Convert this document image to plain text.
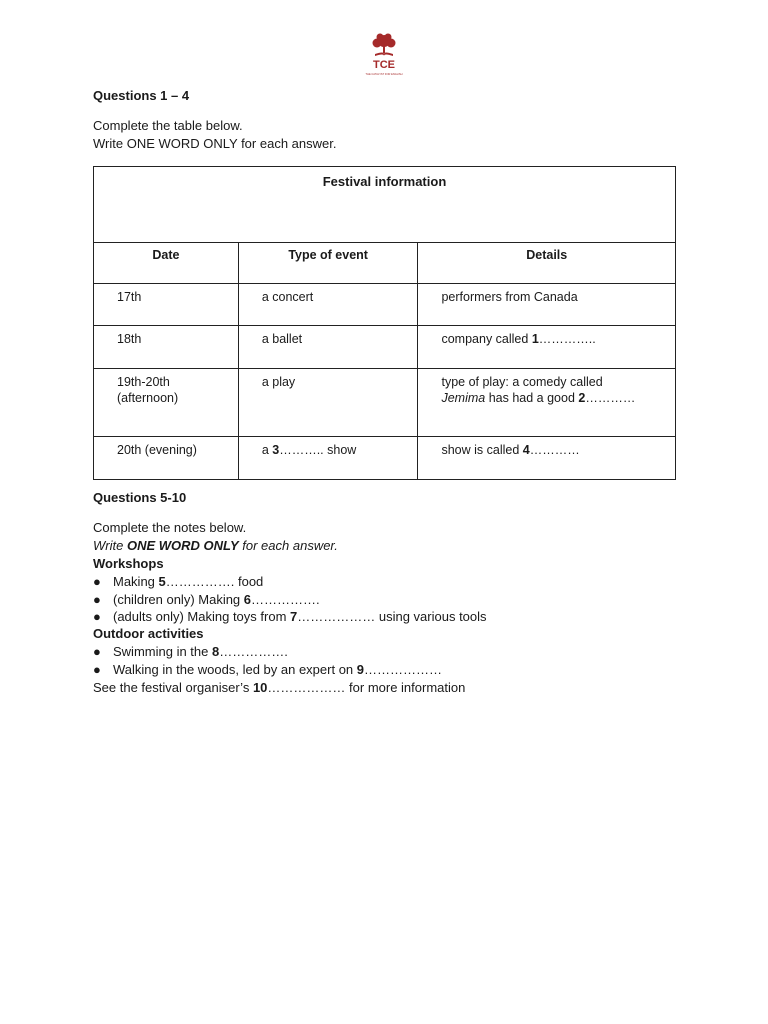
TCE
THE CATALYST FOR ENGLISH
Questions 1 – 4
Complete the table below.
Write ONE WORD ONLY for each answer.
Festival information		
Date	Type of event	Details
17th	a concert	performers from Canada
18th	a ballet	company called 1…………..
19th-20th
(afternoon)	a play	type of play: a comedy called
Jemima has had a good 2…………
20th (evening)	a 3……….. show	show is called 4…………
Questions 5-10
Complete the notes below.
Write ONE WORD ONLY for each answer.
Workshops
● Making 5……………. food
● (children only) Making 6…………….
● (adults only) Making toys from 7……………… using various tools
Outdoor activities
● Swimming in the 8…………….
● Walking in the woods, led by an expert on 9………………
See the festival organiser’s 10……………… for more information
